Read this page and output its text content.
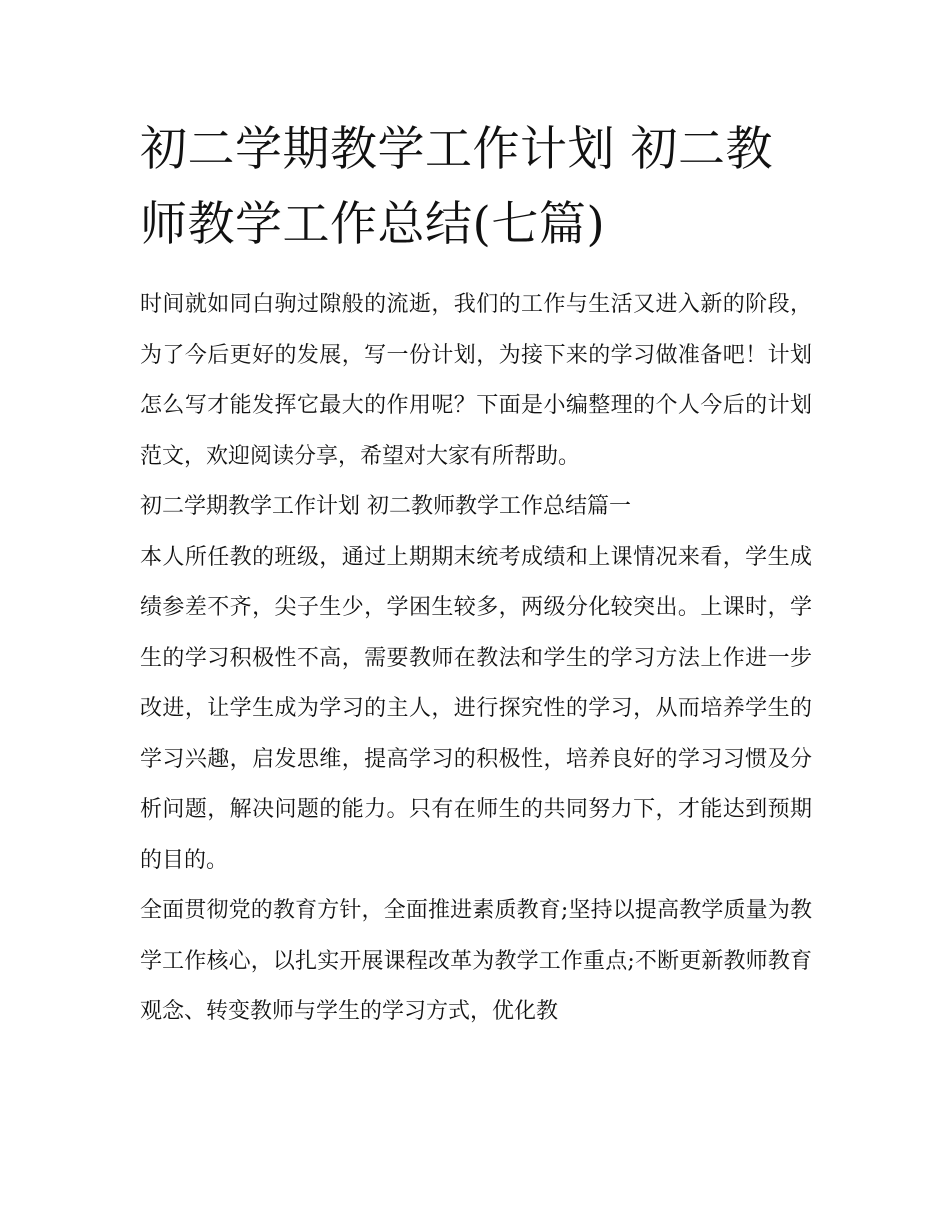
初二学期教学工作计划 初二教师教学工作总结(七篇)

时间就如同白驹过隙般的流逝，我们的工作与生活又进入新的阶段，为了今后更好的发展，写一份计划，为接下来的学习做准备吧！计划怎么写才能发挥它最大的作用呢？下面是小编整理的个人今后的计划范文，欢迎阅读分享，希望对大家有所帮助。

初二学期教学工作计划 初二教师教学工作总结篇一

本人所任教的班级，通过上期期末统考成绩和上课情况来看，学生成绩参差不齐，尖子生少，学困生较多，两级分化较突出。上课时，学生的学习积极性不高，需要教师在教法和学生的学习方法上作进一步改进，让学生成为学习的主人，进行探究性的学习，从而培养学生的学习兴趣，启发思维，提高学习的积极性，培养良好的学习习惯及分析问题，解决问题的能力。只有在师生的共同努力下，才能达到预期的目的。

全面贯彻党的教育方针，全面推进素质教育;坚持以提高教学质量为教学工作核心，以扎实开展课程改革为教学工作重点;不断更新教师教育观念、转变教师与学生的学习方式，优化教
